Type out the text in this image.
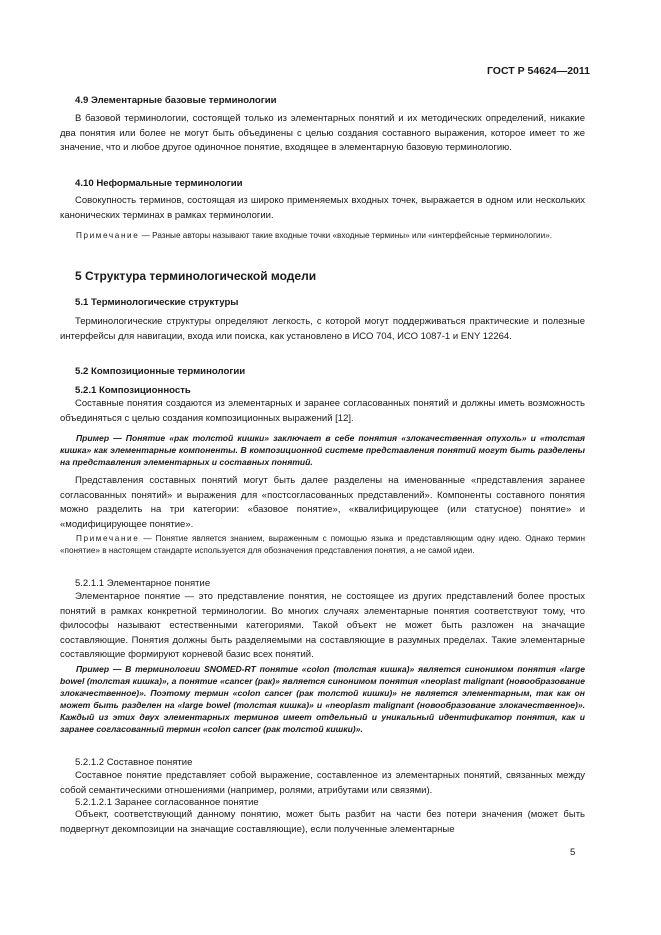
ГОСТ Р 54624—2011
4.9 Элементарные базовые терминологии

В базовой терминологии, состоящей только из элементарных понятий и их методических определений, никакие два понятия или более не могут быть объединены с целью создания составного выражения, которое имеет то же значение, что и любое другое одиночное понятие, входящее в элементарную базовую терминологию.

4.10 Неформальные терминологии

Совокупность терминов, состоящая из широко применяемых входных точек, выражается в одном или нескольких канонических терминах в рамках терминологии.

Примечание — Разные авторы называют такие входные точки «входные термины» или «интерфейсные терминологии».

5 Структура терминологической модели
5.1 Терминологические структуры

Терминологические структуры определяют легкость, с которой могут поддерживаться практические и полезные интерфейсы для навигации, входа или поиска, как установлено в ИСО 704, ИСО 1087-1 и ENY 12264.

5.2 Композиционные терминологии
5.2.1 Композиционность

Составные понятия создаются из элементарных и заранее согласованных понятий и должны иметь возможность объединяться с целью создания композиционных выражений [12].

Пример — Понятие «рак толстой кишки» заключает в себе понятия «злокачественная опухоль» и «толстая кишка» как элементарные компоненты. В композиционной системе представления понятий могут быть разделены на представления элементарных и составных понятий.

Представления составных понятий могут быть далее разделены на именованные «представления заранее согласованных понятий» и выражения для «постсогласованных представлений». Компоненты составного понятия можно разделить на три категории: «базовое понятие», «квалифицирующее (или статусное) понятие» и «модифицирующее понятие».

Примечание — Понятие является знанием, выраженным с помощью языка и представляющим одну идею. Однако термин «понятие» в настоящем стандарте используется для обозначения представления понятия, а не самой идеи.

5.2.1.1 Элементарное понятие

Элементарное понятие — это представление понятия, не состоящее из других представлений более простых понятий в рамках конкретной терминологии. Во многих случаях элементарные понятия соответствуют тому, что философы называют естественными категориями. Такой объект не может быть разложен на значащие составляющие. Понятия должны быть разделяемыми на составляющие в разумных пределах. Такие элементарные составляющие формируют корневой базис всех понятий.

Пример — В терминологии SNOMED-RT понятие «colon (толстая кишка)» является синонимом понятия «large bowel (толстая кишка)», а понятие «cancer (рак)» является синонимом понятия «neoplast malignant (новообразование злокачественное)». Поэтому термин «colon cancer (рак толстой кишки)» не является элементарным, так как он может быть разделен на «large bowel (толстая кишка)» и «neoplasm malignant (новообразование злокачественное)». Каждый из этих двух элементарных терминов имеет отдельный и уникальный идентификатор понятия, как и заранее согласованный термин «colon cancer (рак толстой кишки)».

5.2.1.2 Составное понятие

Составное понятие представляет собой выражение, составленное из элементарных понятий, связанных между собой семантическими отношениями (например, ролями, атрибутами или связями).

5.2.1.2.1 Заранее согласованное понятие

Объект, соответствующий данному понятию, может быть разбит на части без потери значения (может быть подвергнут декомпозиции на значащие составляющие), если полученные элементарные

5
